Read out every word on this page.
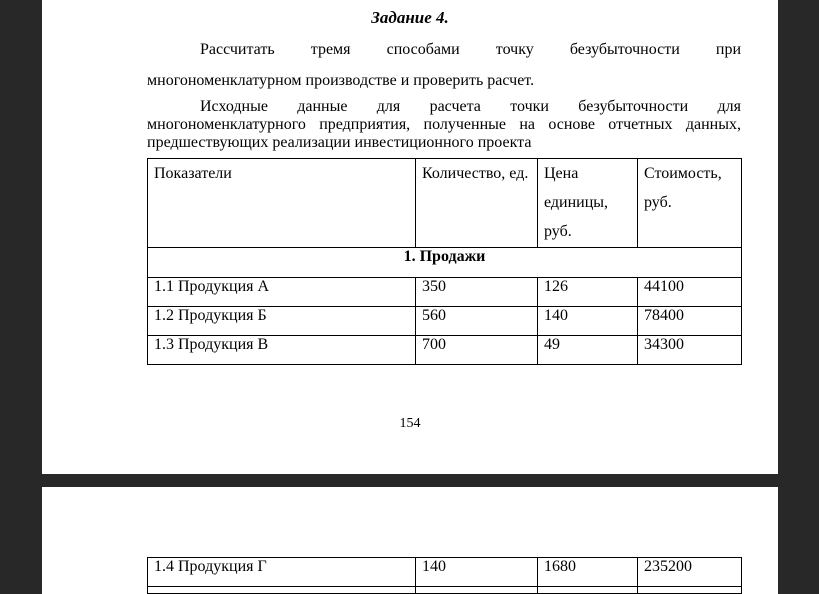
Задание 4.
Рассчитать тремя способами точку безубыточности при
многономенклатурном производстве и проверить расчет.
Исходные данные для расчета точки безубыточности для
многономенклатурного предприятия, полученные на основе отчетных данных, предшествующих реализации инвестиционного проекта
Показатели	Количество, ед.	Цена единицы, руб.	Стоимость, руб.
1. Продажи			
1.1 Продукция А	350	126	44100
1.2 Продукция Б	560	140	78400
1.3 Продукция В	700	49	34300
154
1.4 Продукция Г	140	1680	235200
